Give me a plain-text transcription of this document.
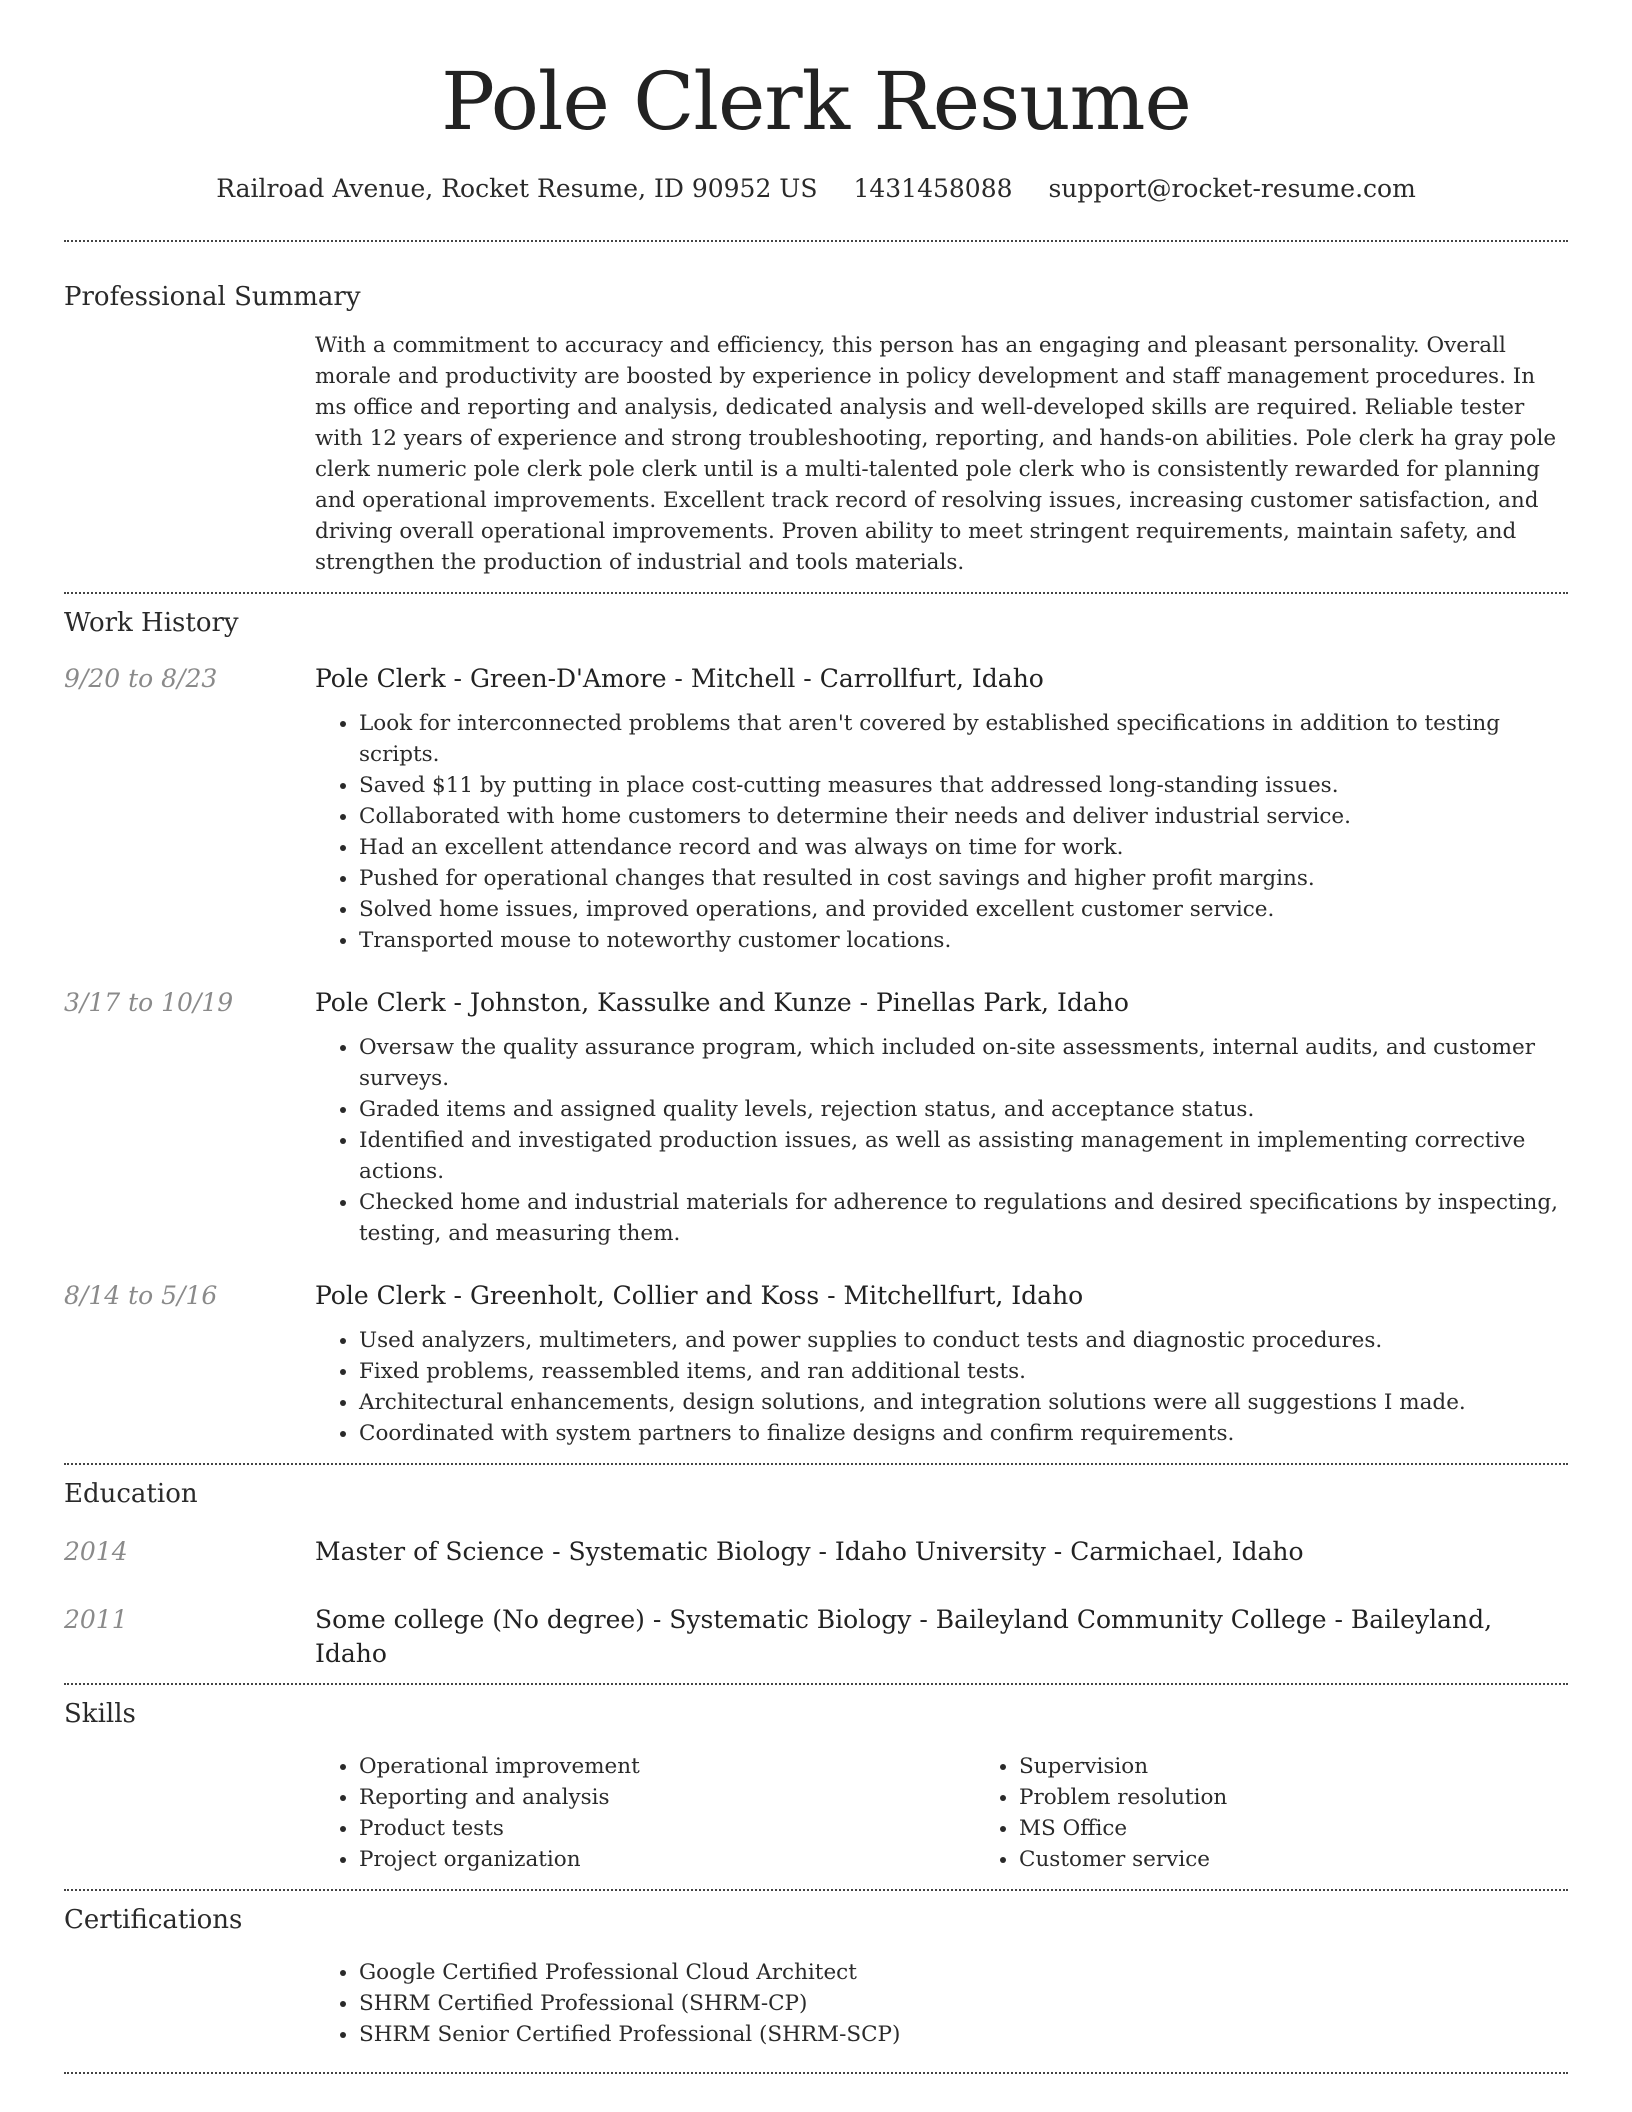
Pole Clerk Resume
Railroad Avenue, Rocket Resume, ID 90952 US 1431458088 support@rocket-resume.com
Professional Summary
With a commitment to accuracy and efficiency, this person has an engaging and pleasant personality. Overall morale and productivity are boosted by experience in policy development and staff management procedures. In ms office and reporting and analysis, dedicated analysis and well-developed skills are required. Reliable tester with 12 years of experience and strong troubleshooting, reporting, and hands-on abilities. Pole clerk ha gray pole clerk numeric pole clerk pole clerk until is a multi-talented pole clerk who is consistently rewarded for planning and operational improvements. Excellent track record of resolving issues, increasing customer satisfaction, and driving overall operational improvements. Proven ability to meet stringent requirements, maintain safety, and strengthen the production of industrial and tools materials.
Work History
9/20 to 8/23	Pole Clerk - Green-D'Amore - Mitchell - Carrollfurt, Idaho
• Look for interconnected problems that aren't covered by established specifications in addition to testing scripts.
• Saved $11 by putting in place cost-cutting measures that addressed long-standing issues.
• Collaborated with home customers to determine their needs and deliver industrial service.
• Had an excellent attendance record and was always on time for work.
• Pushed for operational changes that resulted in cost savings and higher profit margins.
• Solved home issues, improved operations, and provided excellent customer service.
• Transported mouse to noteworthy customer locations.
3/17 to 10/19	Pole Clerk - Johnston, Kassulke and Kunze - Pinellas Park, Idaho
• Oversaw the quality assurance program, which included on-site assessments, internal audits, and customer surveys.
• Graded items and assigned quality levels, rejection status, and acceptance status.
• Identified and investigated production issues, as well as assisting management in implementing corrective actions.
• Checked home and industrial materials for adherence to regulations and desired specifications by inspecting, testing, and measuring them.
8/14 to 5/16	Pole Clerk - Greenholt, Collier and Koss - Mitchellfurt, Idaho
• Used analyzers, multimeters, and power supplies to conduct tests and diagnostic procedures.
• Fixed problems, reassembled items, and ran additional tests.
• Architectural enhancements, design solutions, and integration solutions were all suggestions I made.
• Coordinated with system partners to finalize designs and confirm requirements.
Education
2014	Master of Science - Systematic Biology - Idaho University - Carmichael, Idaho
2011	Some college (No degree) - Systematic Biology - Baileyland Community College - Baileyland, Idaho
Skills
• Operational improvement
• Reporting and analysis
• Product tests
• Project organization
• Supervision
• Problem resolution
• MS Office
• Customer service
Certifications
• Google Certified Professional Cloud Architect
• SHRM Certified Professional (SHRM-CP)
• SHRM Senior Certified Professional (SHRM-SCP)
